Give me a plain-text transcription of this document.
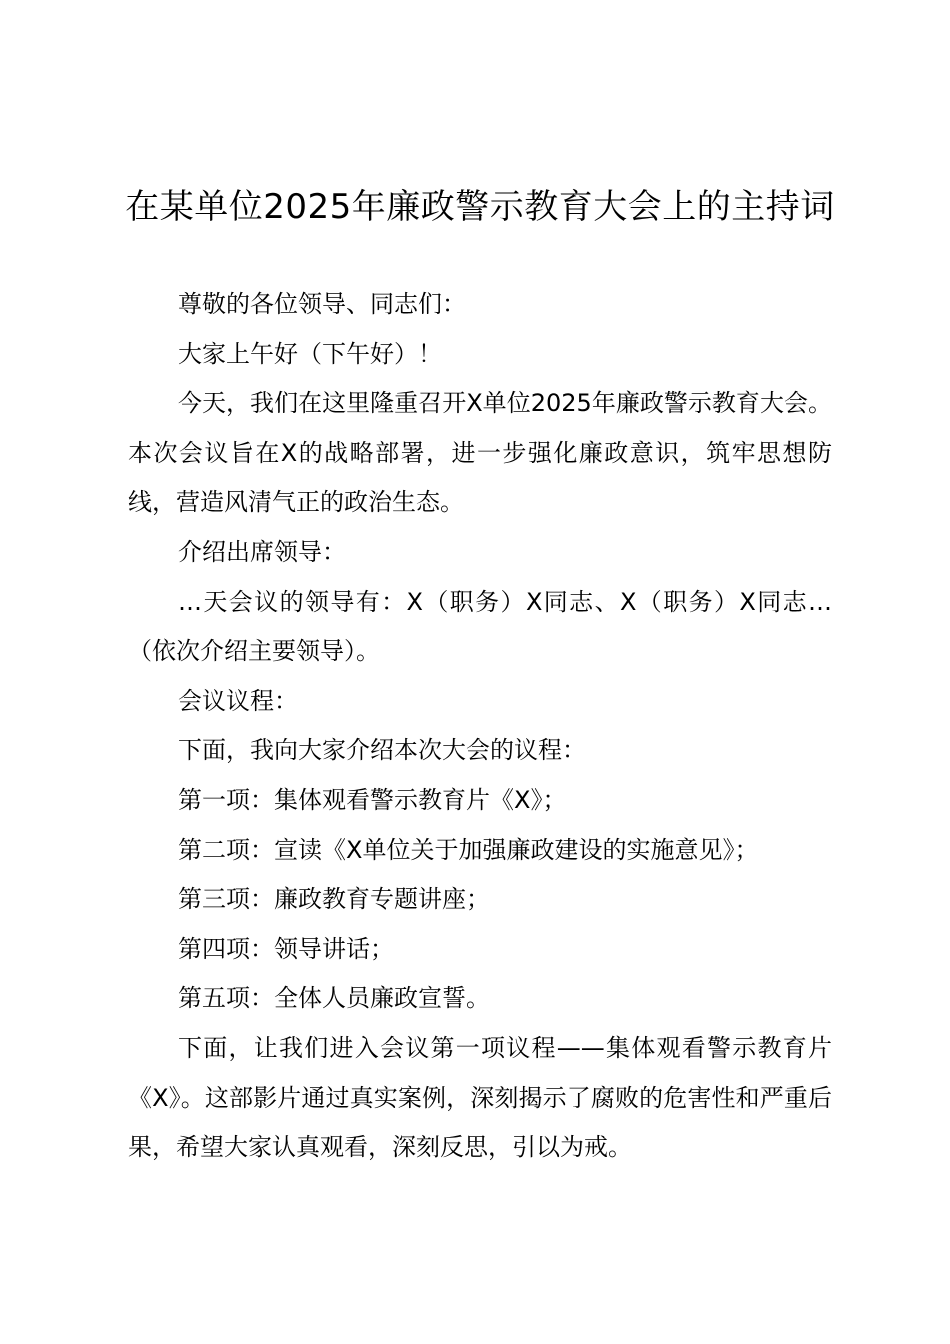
在某单位2025年廉政警示教育大会上的主持词

尊敬的各位领导、同志们：

大家上午好（下午好）！

今天，我们在这里隆重召开X单位2025年廉政警示教育大会。本次会议旨在X的战略部署，进一步强化廉政意识，筑牢思想防线，营造风清气正的政治生态。

介绍出席领导：

…天会议的领导有：X（职务）X同志、X（职务）X同志…（依次介绍主要领导）。

会议议程：

下面，我向大家介绍本次大会的议程：

第一项：集体观看警示教育片《X》；

第二项：宣读《X单位关于加强廉政建设的实施意见》；

第三项：廉政教育专题讲座；

第四项：领导讲话；

第五项：全体人员廉政宣誓。

下面，让我们进入会议第一项议程——集体观看警示教育片《X》。这部影片通过真实案例，深刻揭示了腐败的危害性和严重后果，希望大家认真观看，深刻反思，引以为戒。
